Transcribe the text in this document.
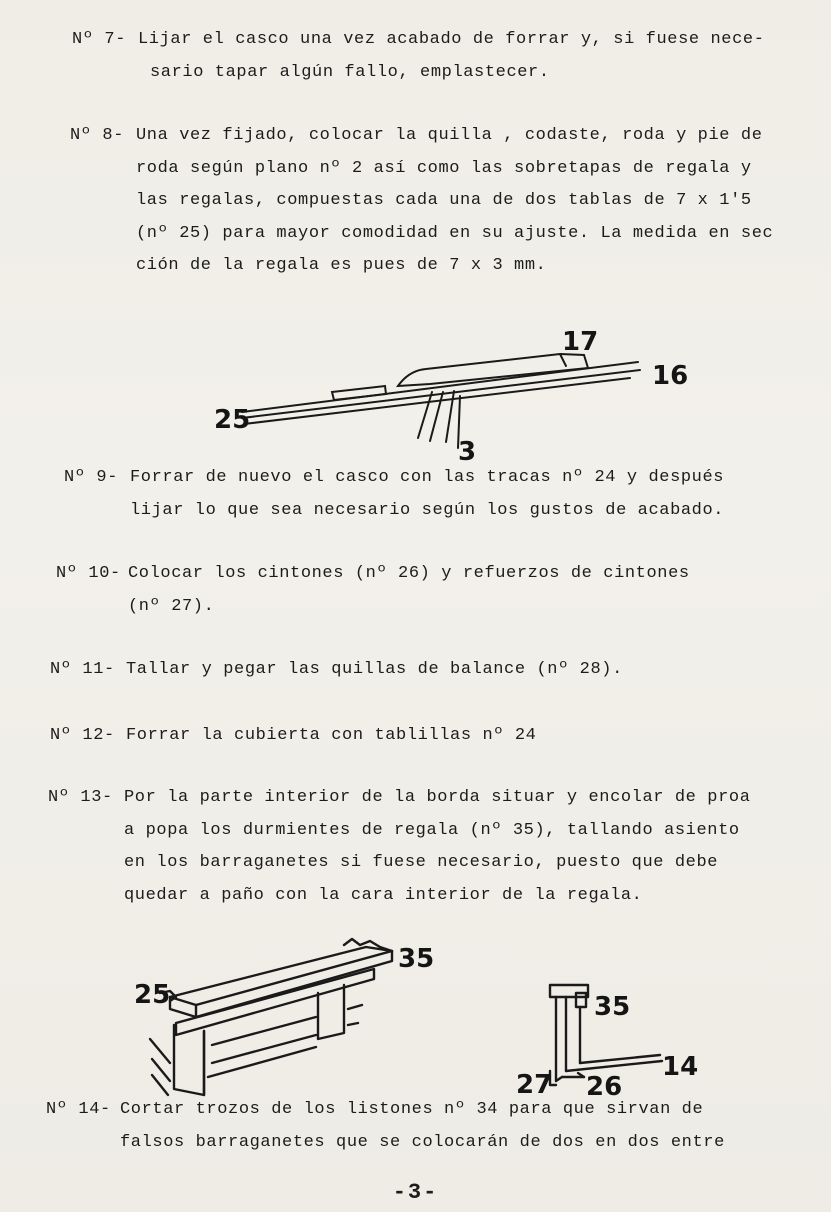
Nº 7- Lijar el casco una vez acabado de forrar y, si fuese nece-
sario tapar algún fallo, emplastecer.
Nº 8- Una vez fijado, colocar la quilla , codaste, roda y pie de
roda según plano nº 2 así como las sobretapas de regala y
las regalas, compuestas cada una de dos tablas de 7 x 1'5
(nº 25) para mayor comodidad en su ajuste. La medida en sec
ción de la regala es pues de 7 x 3 mm.
17
16
25
3
Nº 9- Forrar de nuevo el casco con las tracas nº 24 y después
lijar lo que sea necesario según los gustos de acabado.
Nº 10- Colocar los cintones (nº 26) y refuerzos de cintones
(nº 27).
Nº 11- Tallar y pegar las quillas de balance (nº 28).
Nº 12- Forrar la cubierta con tablillas nº 24
Nº 13- Por la parte interior de la borda situar y encolar de proa
a popa los durmientes de regala (nº 35), tallando asiento
en los barraganetes si fuese necesario, puesto que debe
quedar a paño con la cara interior de la regala.
35
25	35
14
27 26
Nº 14- Cortar trozos de los listones nº 34 para que sirvan de
falsos barraganetes que se colocarán de dos en dos entre
-3-
